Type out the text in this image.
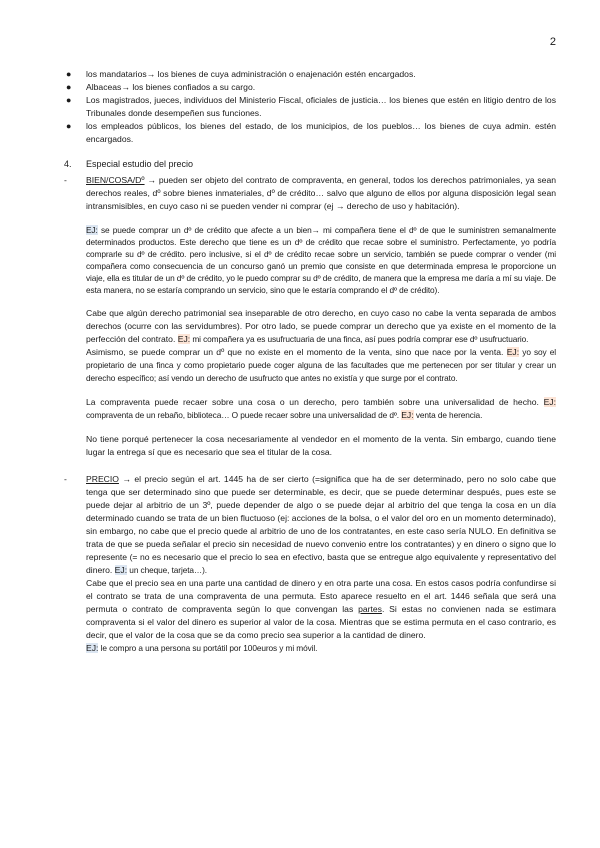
2
● los mandatarios→ los bienes de cuya administración o enajenación estén encargados.
● Albaceas→ los bienes confiados a su cargo.
● Los magistrados, jueces, individuos del Ministerio Fiscal, oficiales de justicia… los bienes que estén en litigio dentro de los Tribunales donde desempeñen sus funciones.
● los empleados públicos, los bienes del estado, de los municipios, de los pueblos… los bienes de cuya admin. estén encargados.
4. Especial estudio del precio
- BIEN/COSA/Dº → pueden ser objeto del contrato de compraventa, en general, todos los derechos patrimoniales, ya sean derechos reales, dº sobre bienes inmateriales, dº de crédito… salvo que alguno de ellos por alguna disposición legal sean intransmisibles, en cuyo caso ni se pueden vender ni comprar (ej → derecho de uso y habitación).

EJ: se puede comprar un dº de crédito que afecte a un bien→ mi compañera tiene el dº de que le suministren semanalmente determinados productos. Este derecho que tiene es un dº de crédito que recae sobre el suministro. Perfectamente, yo podría comprarle su dº de crédito. pero inclusive, si el dº de crédito recae sobre un servicio, también se puede comprar o vender (mi compañera como consecuencia de un concurso ganó un premio que consiste en que determinada empresa le proporcione un viaje, ella es titular de un dº de crédito, yo le puedo comprar su dº de crédito, de manera que la empresa me daría a mí su viaje. De esta manera, no se estaría comprando un servicio, sino que le estaría comprando el dº de crédito).

Cabe que algún derecho patrimonial sea inseparable de otro derecho, en cuyo caso no cabe la venta separada de ambos derechos (ocurre con las servidumbres). Por otro lado, se puede comprar un derecho que ya existe en el momento de la perfección del contrato. EJ: mi compañera ya es usufructuaria de una finca, así pues podría comprar ese dº usufructuario.

Asimismo, se puede comprar un dº que no existe en el momento de la venta, sino que nace por la venta. EJ: yo soy el propietario de una finca y como propietario puede coger alguna de las facultades que me pertenecen por ser titular y crear un derecho específico; así vendo un derecho de usufructo que antes no existía y que surge por el contrato.

La compraventa puede recaer sobre una cosa o un derecho, pero también sobre una universalidad de hecho. EJ: compraventa de un rebaño, biblioteca… O puede recaer sobre una universalidad de dº. EJ: venta de herencia.

No tiene porqué pertenecer la cosa necesariamente al vendedor en el momento de la venta. Sin embargo, cuando tiene lugar la entrega sí que es necesario que sea el titular de la cosa.

- PRECIO → el precio según el art. 1445 ha de ser cierto (=significa que ha de ser determinado, pero no solo cabe que tenga que ser determinado sino que puede ser determinable, es decir, que se puede determinar después, pues este se puede dejar al arbitrio de un 3º, puede depender de algo o se puede dejar al arbitrio del que tenga la cosa en un día determinado cuando se trata de un bien fluctuoso (ej: acciones de la bolsa, o el valor del oro en un momento determinado), sin embargo, no cabe que el precio quede al arbitrio de uno de los contratantes, en este caso sería NULO. En definitiva se trata de que se pueda señalar el precio sin necesidad de nuevo convenio entre los contratantes) y en dinero o signo que lo represente (= no es necesario que el precio lo sea en efectivo, basta que se entregue algo equivalente y representativo del dinero. EJ: un cheque, tarjeta…).

Cabe que el precio sea en una parte una cantidad de dinero y en otra parte una cosa. En estos casos podría confundirse si el contrato se trata de una compraventa de una permuta. Esto aparece resuelto en el art. 1446 señala que será una permuta o contrato de compraventa según lo que convengan las partes. Si estas no convienen nada se estimara compraventa si el valor del dinero es superior al valor de la cosa. Mientras que se estima permuta en el caso contrario, es decir, que el valor de la cosa que se da como precio sea superior a la cantidad de dinero.

EJ: le compro a una persona su portátil por 100euros y mi móvil.
